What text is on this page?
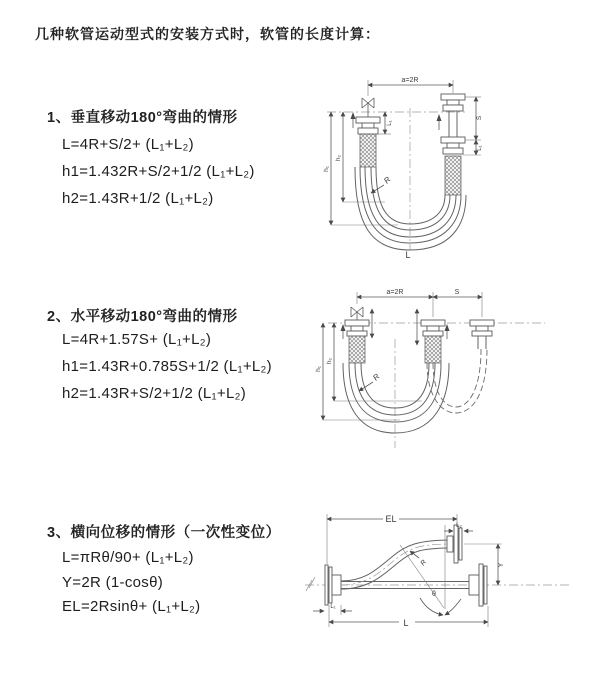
几种软管运动型式的安装方式时，软管的长度计算：
1、垂直移动180°弯曲的情形
L=4R+S/2+ (L₁+L₂)
h1=1.432R+S/2+1/2 (L₁+L₂)
h2=1.43R+1/2 (L₁+L₂)
2、水平移动180°弯曲的情形
L=4R+1.57S+ (L₁+L₂)
h1=1.43R+0.785S+1/2 (L₁+L₂)
h2=1.43R+S/2+1/2 (L₁+L₂)
3、横向位移的情形（一次性变位）
L=πRθ/90+ (L₁+L₂)
Y=2R (1-cosθ)
EL=2Rsinθ+ (L₁+L₂)
a=2R
L₁
S
L₁
h₁
h₂
R
L
a=2R	S
h₁
h₂
R
EL
L₂
Y
R
θ
L
L₁
